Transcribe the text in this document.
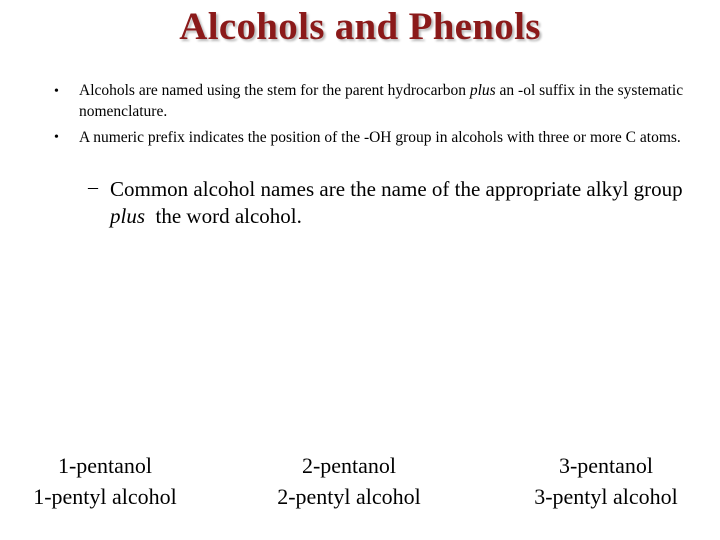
Alcohols and Phenols
• Alcohols are named using the stem for the parent hydrocarbon plus an -ol suffix in the systematic nomenclature.
• A numeric prefix indicates the position of the -OH group in alcohols with three or more C atoms.
– Common alcohol names are the name of the appropriate alkyl group plus  the word alcohol.
1-pentanol
1-pentyl alcohol
2-pentanol
2-pentyl alcohol
3-pentanol
3-pentyl alcohol
